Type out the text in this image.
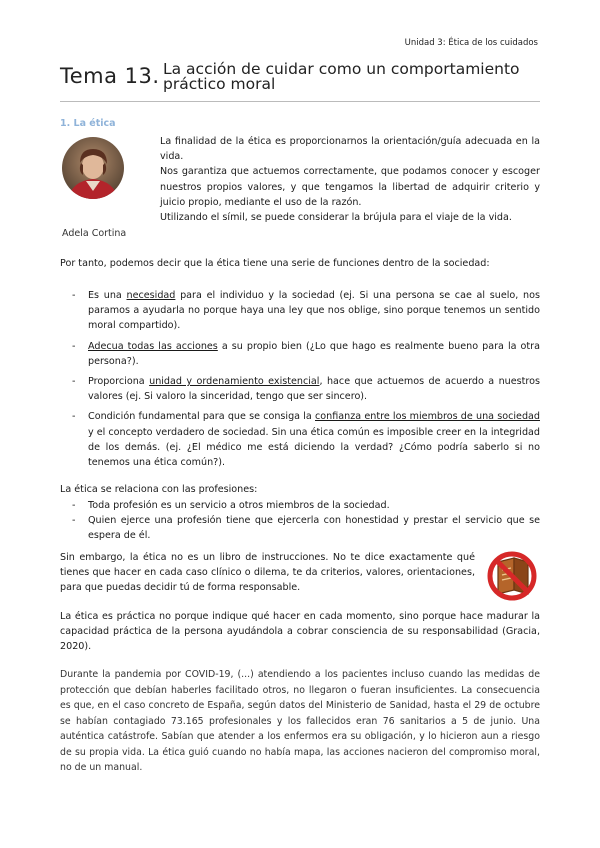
Unidad 3: Ética de los cuidados
Tema 13. La acción de cuidar como un comportamiento práctico moral
1. La ética
Adela Cortina

La finalidad de la ética es proporcionarnos la orientación/guía adecuada en la vida.

Nos garantiza que actuemos correctamente, que podamos conocer y escoger nuestros propios valores, y que tengamos la libertad de adquirir criterio y juicio propio, mediante el uso de la razón.

Utilizando el símil, se puede considerar la brújula para el viaje de la vida.

Por tanto, podemos decir que la ética tiene una serie de funciones dentro de la sociedad:
- Es una necesidad para el individuo y la sociedad (ej. Si una persona se cae al suelo, nos paramos a ayudarla no porque haya una ley que nos oblige, sino porque tenemos un sentido moral compartido).
- Adecua todas las acciones a su propio bien (¿Lo que hago es realmente bueno para la otra persona?).
- Proporciona unidad y ordenamiento existencial, hace que actuemos de acuerdo a nuestros valores (ej. Si valoro la sinceridad, tengo que ser sincero).
- Condición fundamental para que se consiga la confianza entre los miembros de una sociedad y el concepto verdadero de sociedad. Sin una ética común es imposible creer en la integridad de los demás. (ej. ¿El médico me está diciendo la verdad? ¿Cómo podría saberlo si no tenemos una ética común?).
La ética se relaciona con las profesiones:
- Toda profesión es un servicio a otros miembros de la sociedad.
- Quien ejerce una profesión tiene que ejercerla con honestidad y prestar el servicio que se espera de él.
Sin embargo, la ética no es un libro de instrucciones. No te dice exactamente qué tienes que hacer en cada caso clínico o dilema, te da criterios, valores, orientaciones, para que puedas decidir tú de forma responsable.
La ética es práctica no porque indique qué hacer en cada momento, sino porque hace madurar la capacidad práctica de la persona ayudándola a cobrar consciencia de su responsabilidad (Gracia, 2020).
Durante la pandemia por COVID-19, (...) atendiendo a los pacientes incluso cuando las medidas de protección que debían haberles facilitado otros, no llegaron o fueran insuficientes. La consecuencia es que, en el caso concreto de España, según datos del Ministerio de Sanidad, hasta el 29 de octubre se habían contagiado 73.165 profesionales y los fallecidos eran 76 sanitarios a 5 de junio. Una auténtica catástrofe. Sabían que atender a los enfermos era su obligación, y lo hicieron aun a riesgo de su propia vida. La ética guió cuando no había mapa, las acciones nacieron del compromiso moral, no de un manual.
